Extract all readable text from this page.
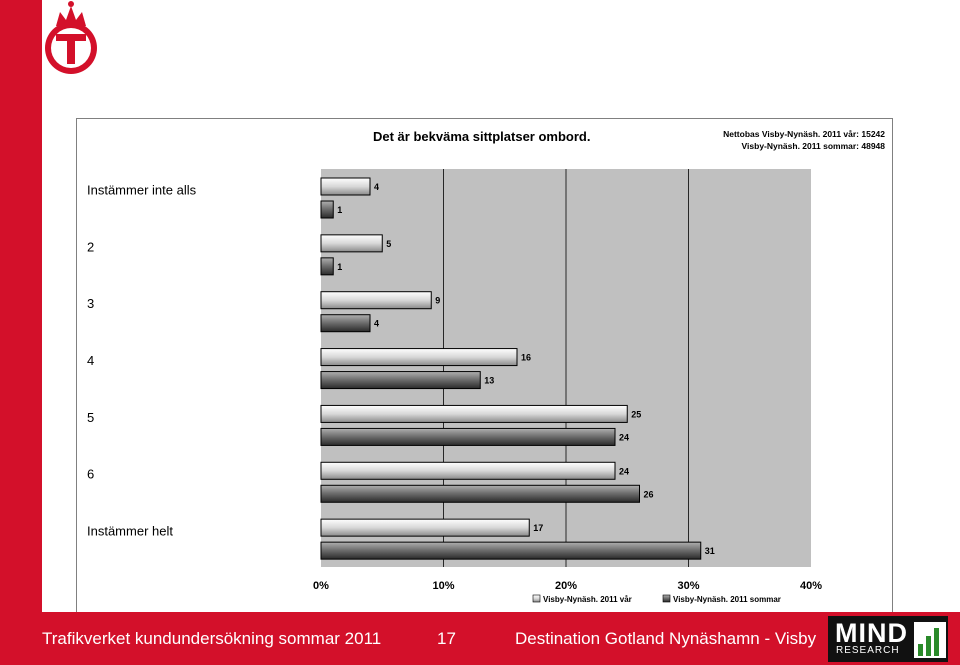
Det är bekväma sittplatser ombord.	Nettobas Visby-Nynäsh. 2011 vår: 15242
Visby-Nynäsh. 2011 sommar: 48948
Instämmer inte alls
2
3
4
5
6
Instämmer helt
4
1
5
1
9
4
16
13
25
24
24
26
17
31
0%	10%	20%	30%	40%
Visby-Nynäsh. 2011 vår	Visby-Nynäsh. 2011 sommar
Trafikverket kundundersökning sommar 2011	17	Destination Gotland Nynäshamn - Visby MIND
RESEARCH
